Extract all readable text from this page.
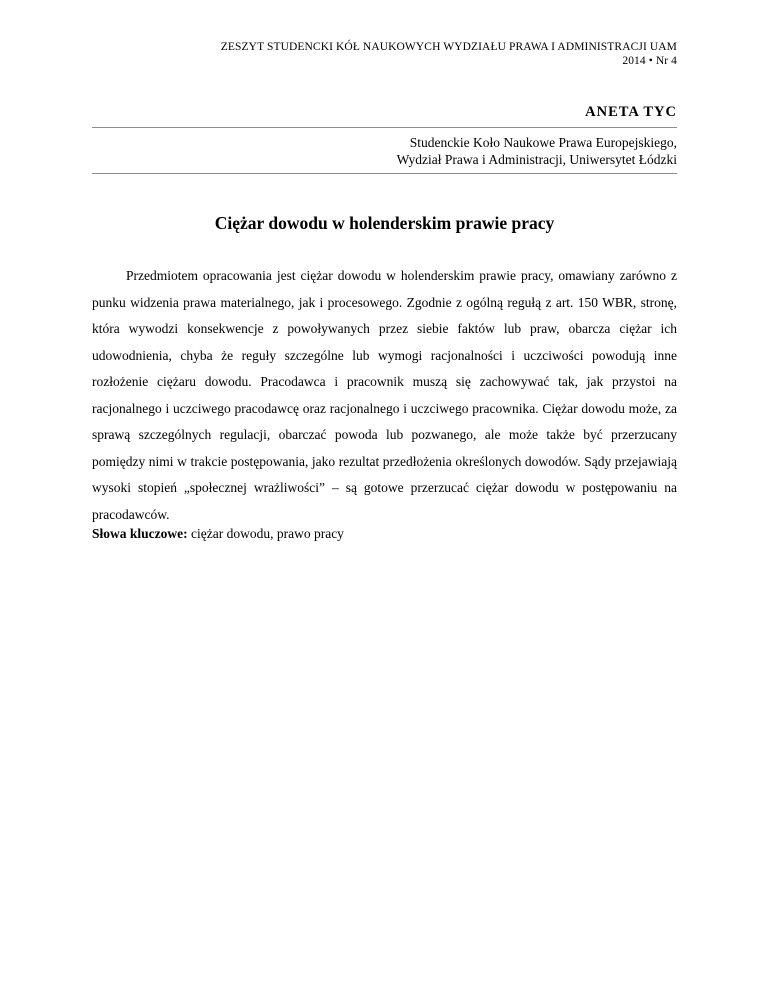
ZESZYT STUDENCKI KÓŁ NAUKOWYCH WYDZIAŁU PRAWA I ADMINISTRACJI UAM
2014 • Nr 4
ANETA TYC
Studenckie Koło Naukowe Prawa Europejskiego,
Wydział Prawa i Administracji, Uniwersytet Łódzki
Ciężar dowodu w holenderskim prawie pracy

Przedmiotem opracowania jest ciężar dowodu w holenderskim prawie pracy, omawiany zarówno z punku widzenia prawa materialnego, jak i procesowego. Zgodnie z ogólną regułą z art. 150 WBR, stronę, która wywodzi konsekwencje z powoływanych przez siebie faktów lub praw, obarcza ciężar ich udowodnienia, chyba że reguły szczególne lub wymogi racjonalności i uczciwości powodują inne rozłożenie ciężaru dowodu. Pracodawca i pracownik muszą się zachowywać tak, jak przystoi na racjonalnego i uczciwego pracodawcę oraz racjonalnego i uczciwego pracownika. Ciężar dowodu może, za sprawą szczególnych regulacji, obarczać powoda lub pozwanego, ale może także być przerzucany pomiędzy nimi w trakcie postępowania, jako rezultat przedłożenia określonych dowodów. Sądy przejawiają wysoki stopień „społecznej wrażliwości” – są gotowe przerzucać ciężar dowodu w postępowaniu na pracodawców.

Słowa kluczowe: ciężar dowodu, prawo pracy
